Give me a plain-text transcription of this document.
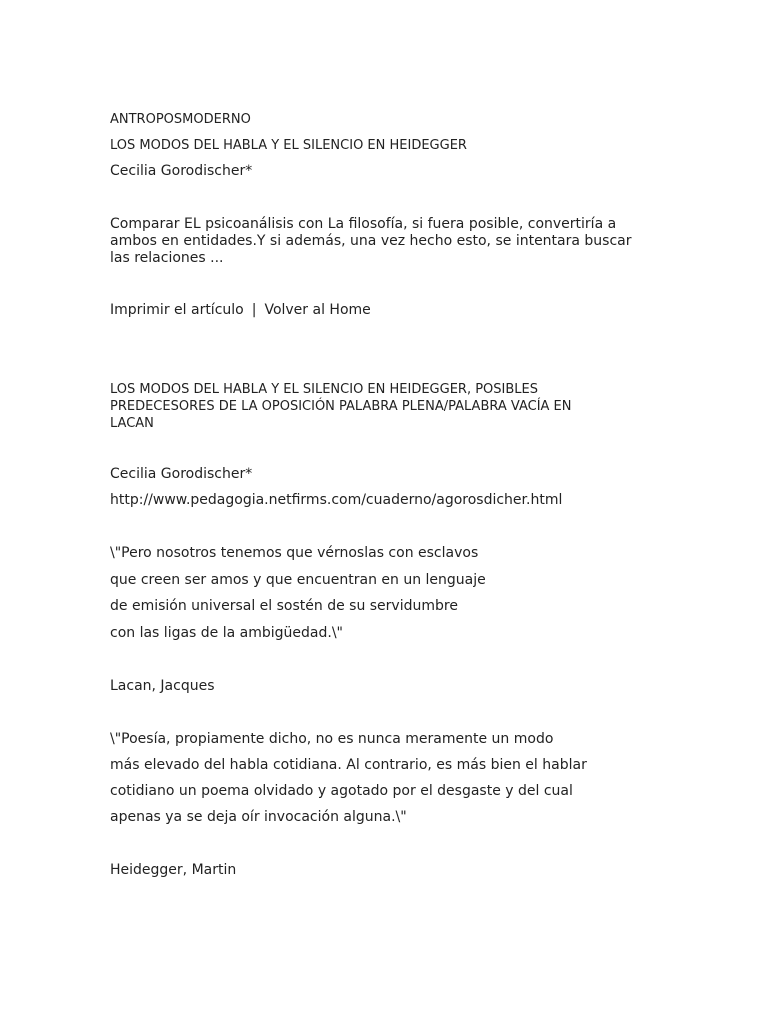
ANTROPOSMODERNO

LOS MODOS DEL HABLA Y EL SILENCIO EN HEIDEGGER

Cecilia Gorodischer*

Comparar EL psicoanálisis con La filosofía, si fuera posible, convertiría a

ambos en entidades.Y si además, una vez hecho esto, se intentara buscar

las relaciones ...

Imprimir el artículo | Volver al Home

LOS MODOS DEL HABLA Y EL SILENCIO EN HEIDEGGER, POSIBLES

PREDECESORES DE LA OPOSICIÓN PALABRA PLENA/PALABRA VACÍA EN

LACAN

Cecilia Gorodischer*

http://www.pedagogia.netfirms.com/cuaderno/agorosdicher.html

\"Pero nosotros tenemos que vérnoslas con esclavos

que creen ser amos y que encuentran en un lenguaje

de emisión universal el sostén de su servidumbre

con las ligas de la ambigüedad.\"

Lacan, Jacques

\"Poesía, propiamente dicho, no es nunca meramente un modo

más elevado del habla cotidiana. Al contrario, es más bien el hablar

cotidiano un poema olvidado y agotado por el desgaste y del cual

apenas ya se deja oír invocación alguna.\"

Heidegger, Martin
